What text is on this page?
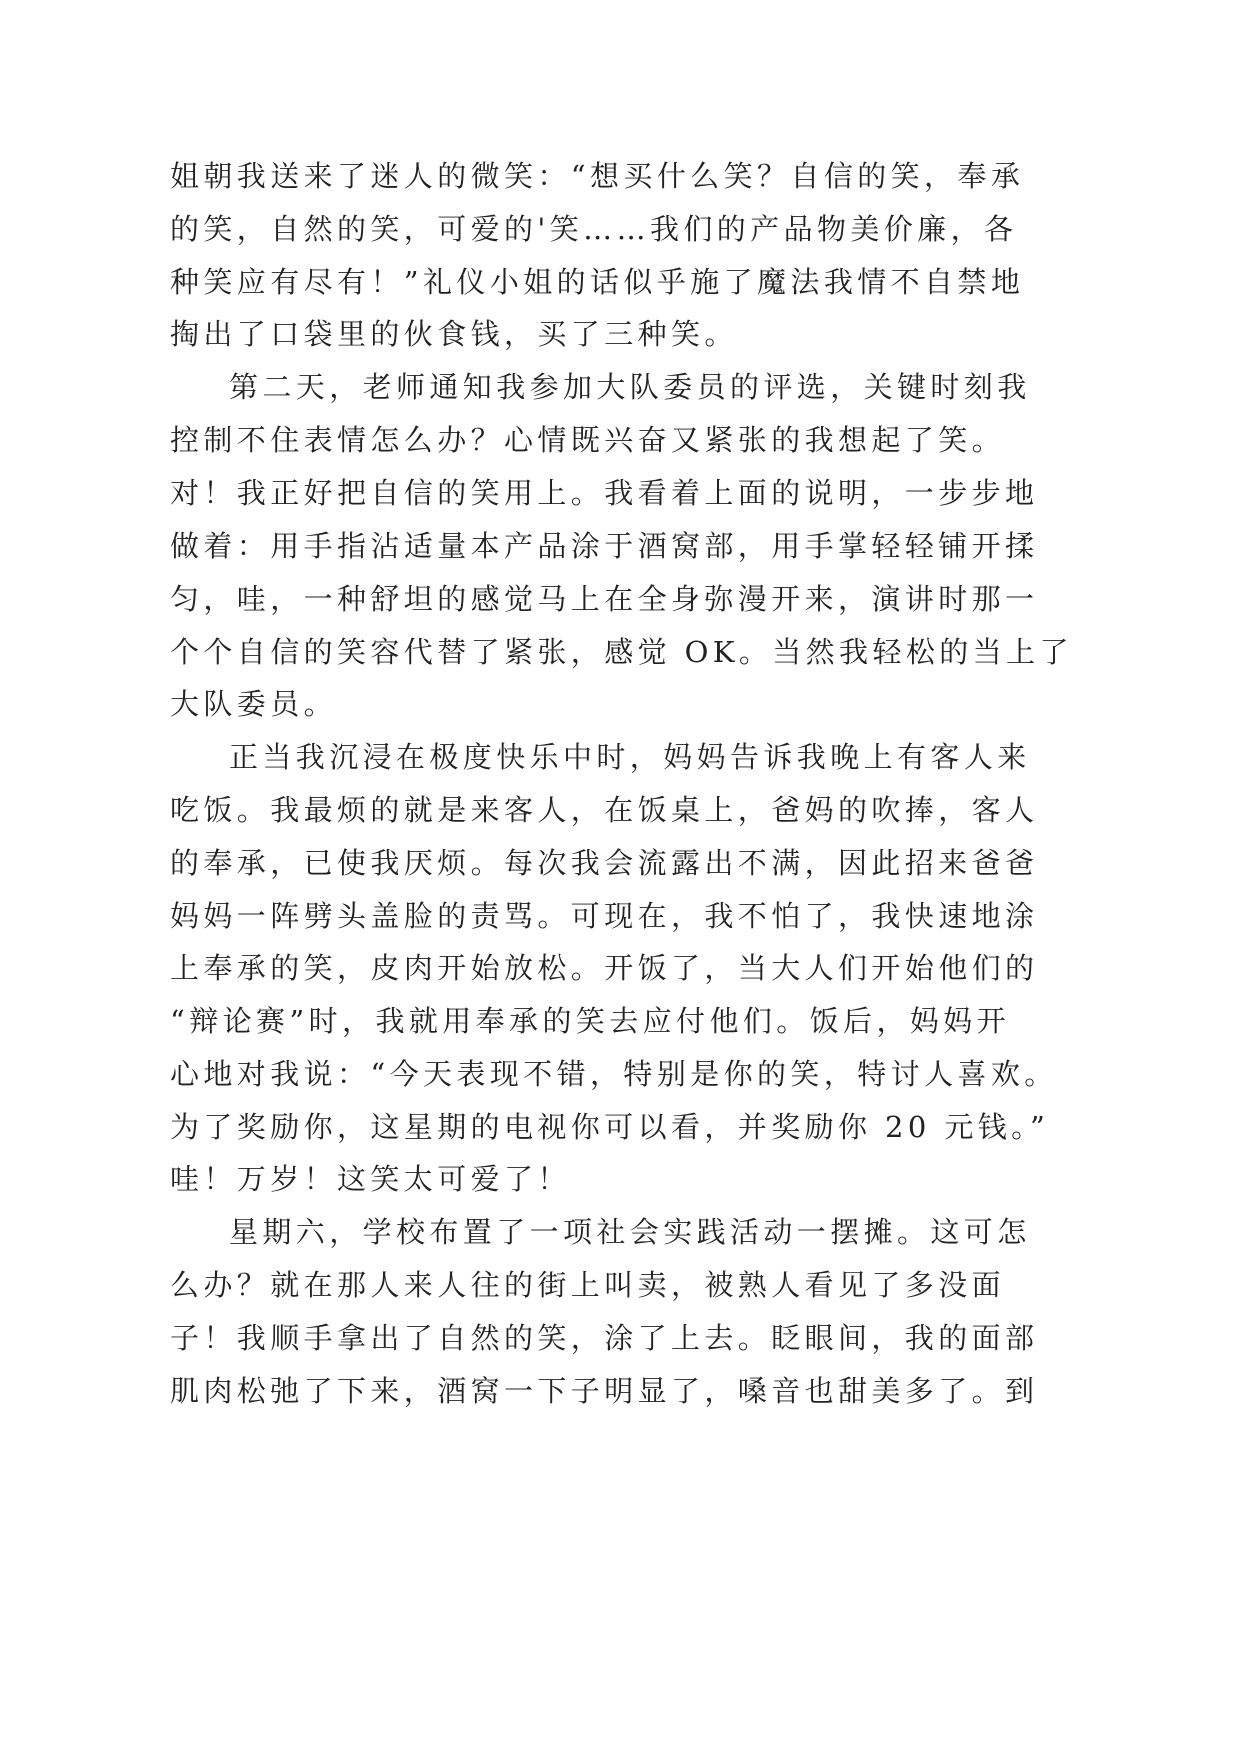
姐朝我送来了迷人的微笑：“想买什么笑？自信的笑，奉承

的笑，自然的笑，可爱的'笑……我们的产品物美价廉，各

种笑应有尽有！”礼仪小姐的话似乎施了魔法我情不自禁地

掏出了口袋里的伙食钱，买了三种笑。

第二天，老师通知我参加大队委员的评选，关键时刻我

控制不住表情怎么办？心情既兴奋又紧张的我想起了笑。

对！我正好把自信的笑用上。我看着上面的说明，一步步地

做着：用手指沾适量本产品涂于酒窝部，用手掌轻轻铺开揉

匀，哇，一种舒坦的感觉马上在全身弥漫开来，演讲时那一

个个自信的笑容代替了紧张，感觉 OK。当然我轻松的当上了

大队委员。

正当我沉浸在极度快乐中时，妈妈告诉我晚上有客人来

吃饭。我最烦的就是来客人，在饭桌上，爸妈的吹捧，客人

的奉承，已使我厌烦。每次我会流露出不满，因此招来爸爸

妈妈一阵劈头盖脸的责骂。可现在，我不怕了，我快速地涂

上奉承的笑，皮肉开始放松。开饭了，当大人们开始他们的

“辩论赛”时，我就用奉承的笑去应付他们。饭后，妈妈开

心地对我说：“今天表现不错，特别是你的笑，特讨人喜欢。

为了奖励你，这星期的电视你可以看，并奖励你 20 元钱。”

哇！万岁！这笑太可爱了！

星期六，学校布置了一项社会实践活动一摆摊。这可怎

么办？就在那人来人往的街上叫卖，被熟人看见了多没面

子！我顺手拿出了自然的笑，涂了上去。眨眼间，我的面部

肌肉松弛了下来，酒窝一下子明显了，嗓音也甜美多了。到
